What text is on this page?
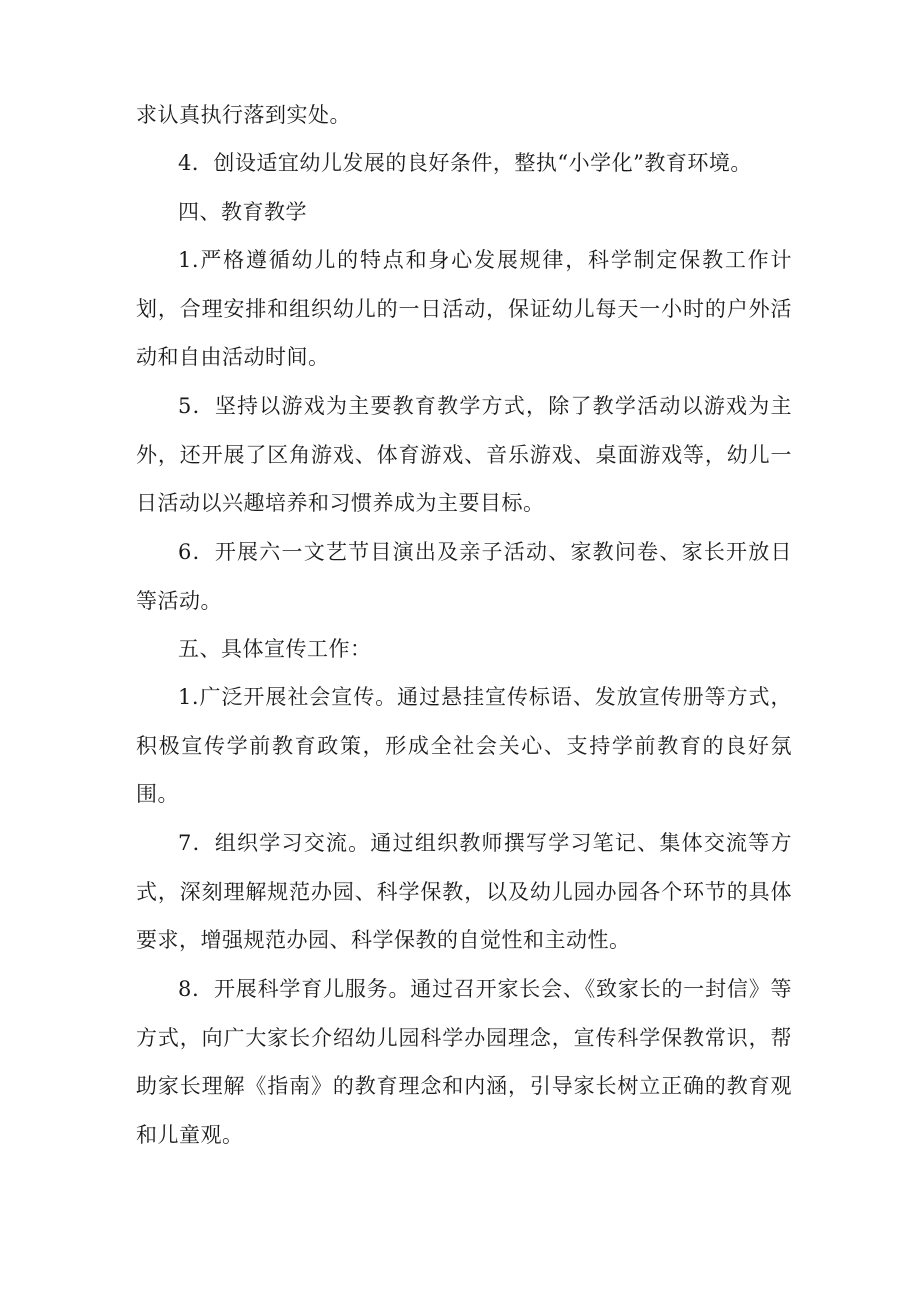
求认真执行落到实处。
4．创设适宜幼儿发展的良好条件，整执“小学化”教育环境。
四、教育教学
1.严格遵循幼儿的特点和身心发展规律，科学制定保教工作计划，合理安排和组织幼儿的一日活动，保证幼儿每天一小时的户外活动和自由活动时间。
5．坚持以游戏为主要教育教学方式，除了教学活动以游戏为主外，还开展了区角游戏、体育游戏、音乐游戏、桌面游戏等，幼儿一日活动以兴趣培养和习惯养成为主要目标。
6．开展六一文艺节目演出及亲子活动、家教问卷、家长开放日等活动。
五、具体宣传工作：
1.广泛开展社会宣传。通过悬挂宣传标语、发放宣传册等方式，积极宣传学前教育政策，形成全社会关心、支持学前教育的良好氛围。
7．组织学习交流。通过组织教师撰写学习笔记、集体交流等方式，深刻理解规范办园、科学保教，以及幼儿园办园各个环节的具体要求，增强规范办园、科学保教的自觉性和主动性。
8．开展科学育儿服务。通过召开家长会、《致家长的一封信》等方式，向广大家长介绍幼儿园科学办园理念，宣传科学保教常识，帮助家长理解《指南》的教育理念和内涵，引导家长树立正确的教育观和儿童观。
